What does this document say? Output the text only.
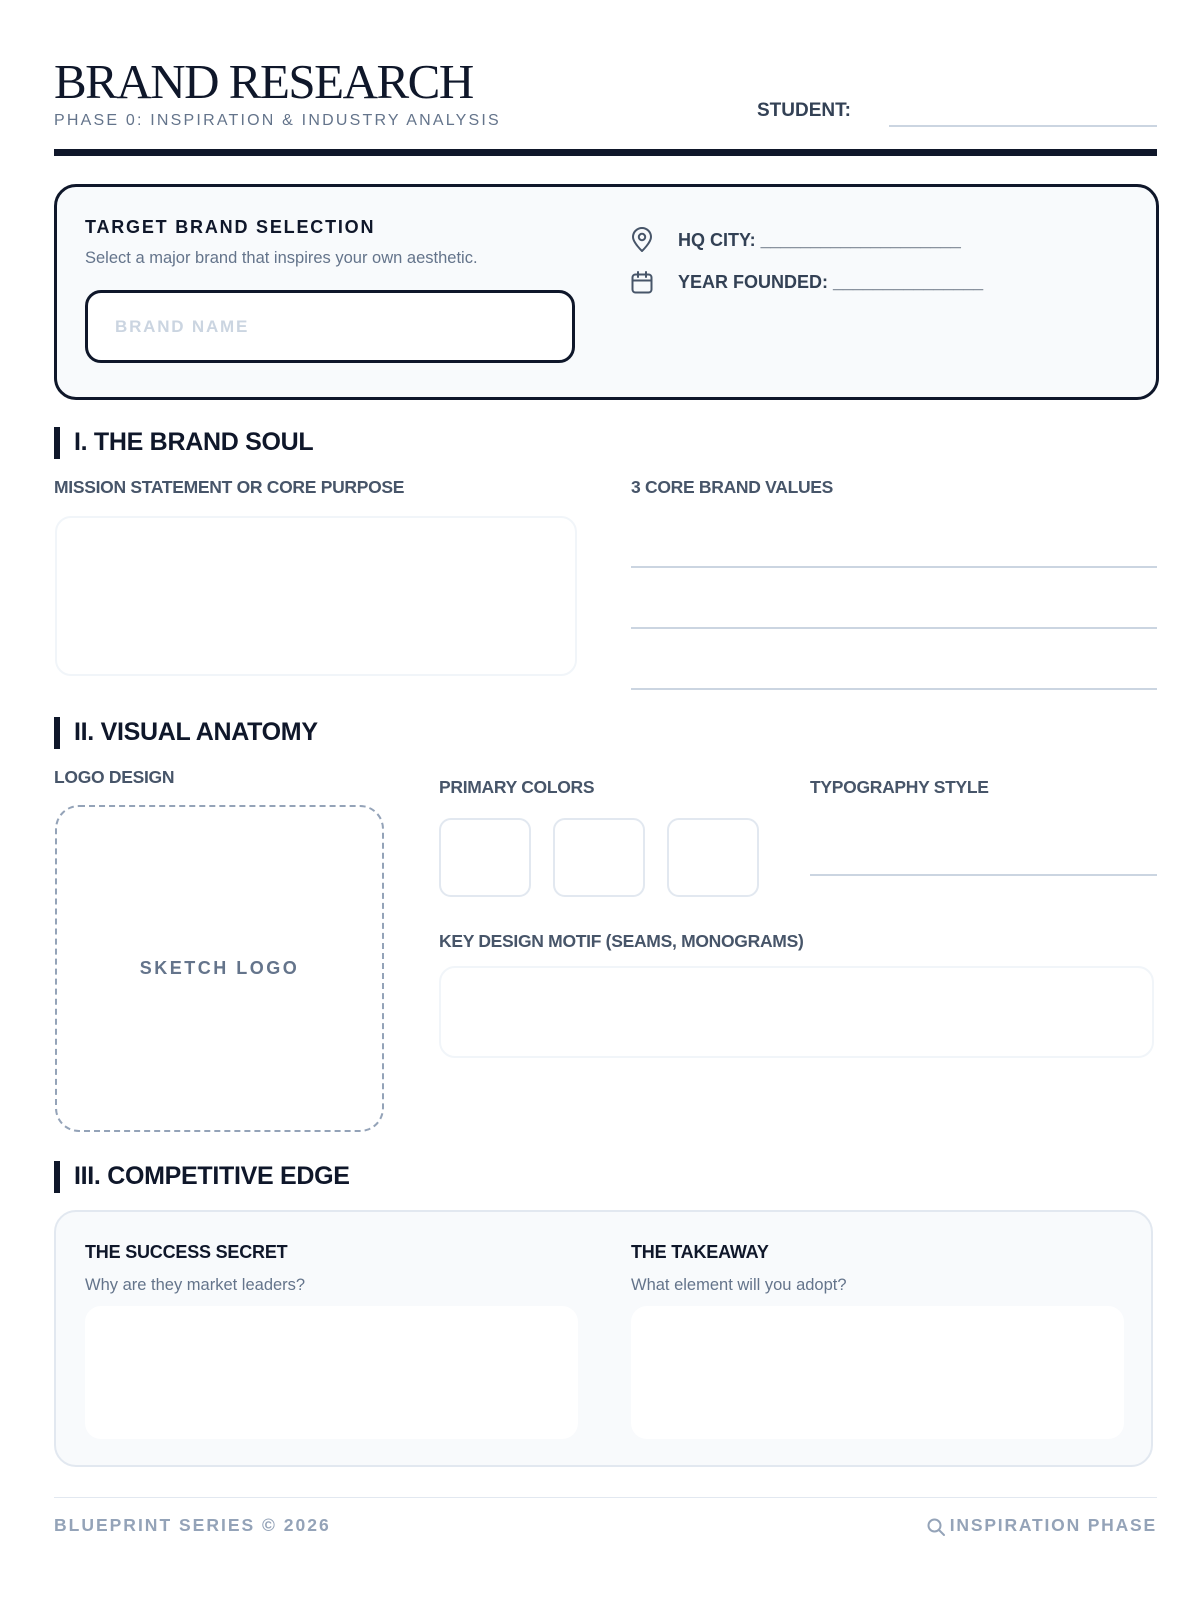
BRAND RESEARCH
PHASE 0: INSPIRATION & INDUSTRY ANALYSIS	STUDENT:
TARGET BRAND SELECTION
Select a major brand that inspires your own aesthetic.
BRAND NAME
HQ CITY: ____________________
YEAR FOUNDED: _______________
I. THE BRAND SOUL
MISSION STATEMENT OR CORE PURPOSE	3 CORE BRAND VALUES
II. VISUAL ANATOMY
LOGO DESIGN
SKETCH LOGO
PRIMARY COLORS	TYPOGRAPHY STYLE
KEY DESIGN MOTIF (SEAMS, MONOGRAMS)
III. COMPETITIVE EDGE
THE SUCCESS SECRET
Why are they market leaders?
THE TAKEAWAY
What element will you adopt?
BLUEPRINT SERIES © 2026	INSPIRATION PHASE
